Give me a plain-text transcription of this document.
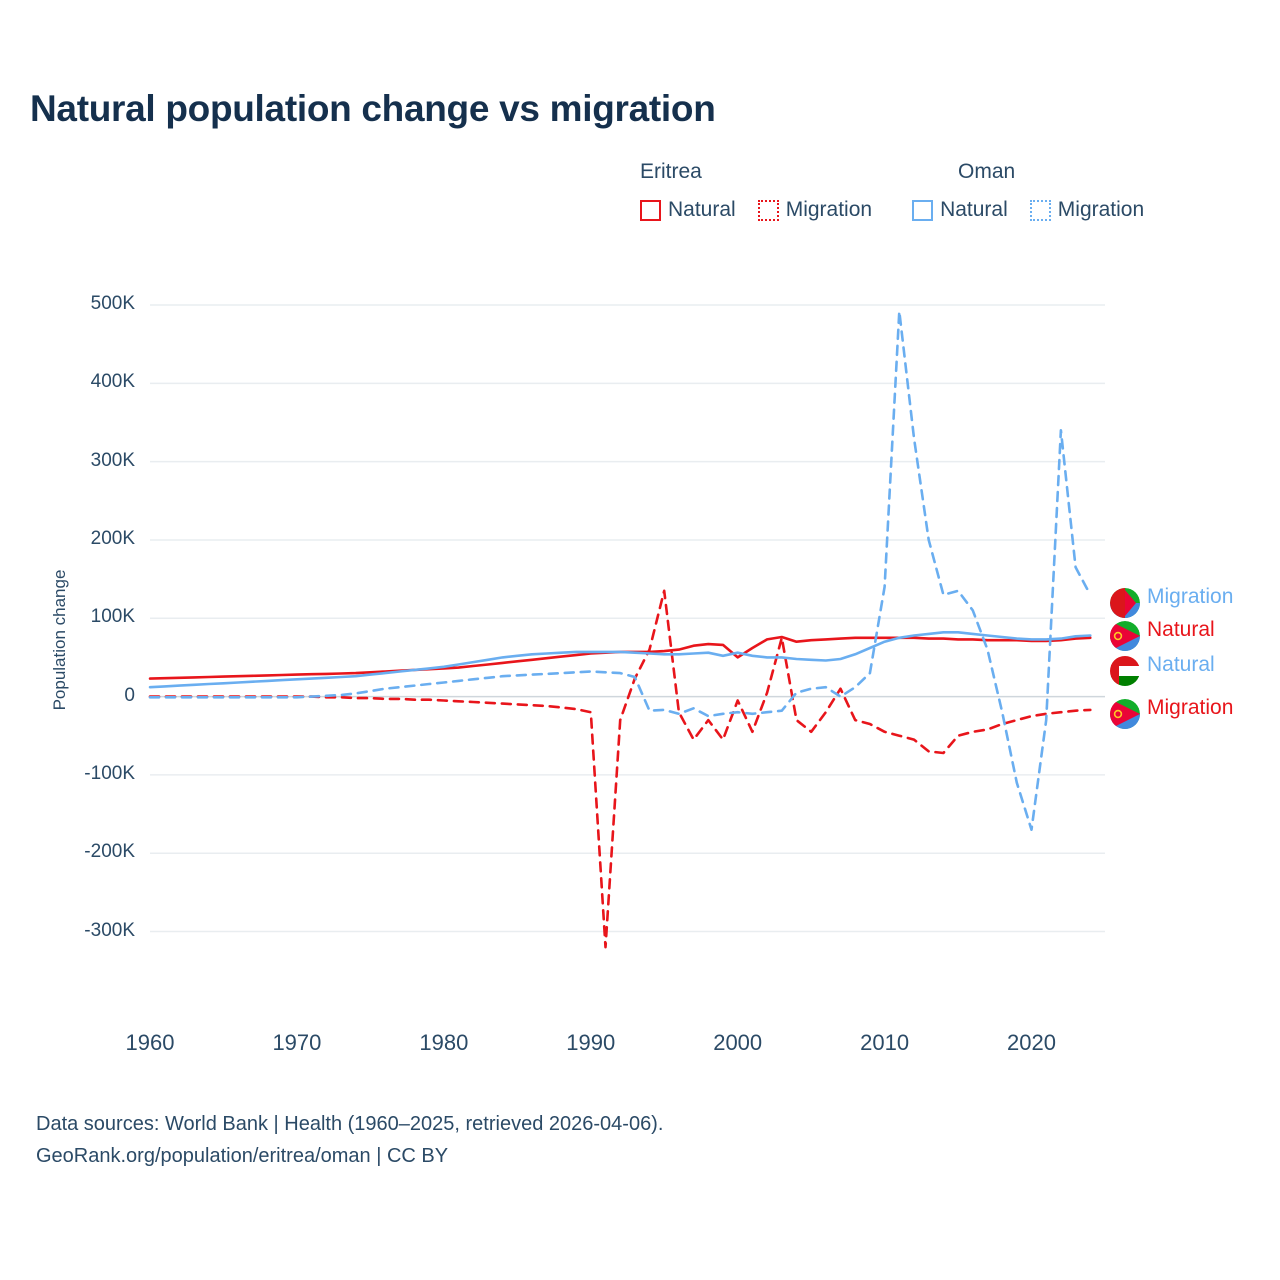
Natural population change vs migration
Eritrea	Oman
Natural Migration	Natural Migration
Population change
-300K
-200K
-100K
0
100K
200K
300K
400K
500K
1960	1970	1980	1990	2000	2010	2020
Migration
Natural
Natural
Migration
Data sources: World Bank | Health (1960–2025, retrieved 2026-04-06).
GeoRank.org/population/eritrea/oman | CC BY
